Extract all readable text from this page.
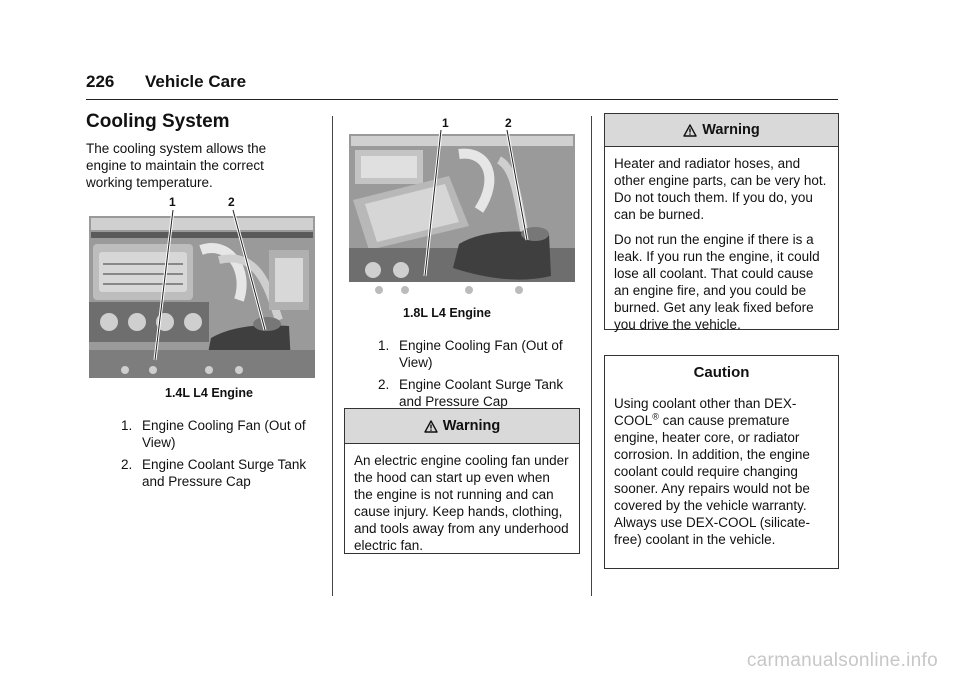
226 Vehicle Care
Cooling System

The cooling system allows the engine to maintain the correct working temperature.

1	2
1.4L L4 Engine
1. Engine Cooling Fan (Out of View)
2. Engine Coolant Surge Tank and Pressure Cap
1	2
1.8L L4 Engine
1. Engine Cooling Fan (Out of View)
2. Engine Coolant Surge Tank and Pressure Cap
Warning

An electric engine cooling fan under the hood can start up even when the engine is not running and can cause injury. Keep hands, clothing, and tools away from any underhood electric fan.

Warning

Heater and radiator hoses, and other engine parts, can be very hot. Do not touch them. If you do, you can be burned.

Do not run the engine if there is a leak. If you run the engine, it could lose all coolant. That could cause an engine fire, and you could be burned. Get any leak fixed before you drive the vehicle.

Caution

Using coolant other than DEX-COOL® can cause premature engine, heater core, or radiator corrosion. In addition, the engine coolant could require changing sooner. Any repairs would not be covered by the vehicle warranty. Always use DEX-COOL (silicate-free) coolant in the vehicle.

carmanualsonline.info
